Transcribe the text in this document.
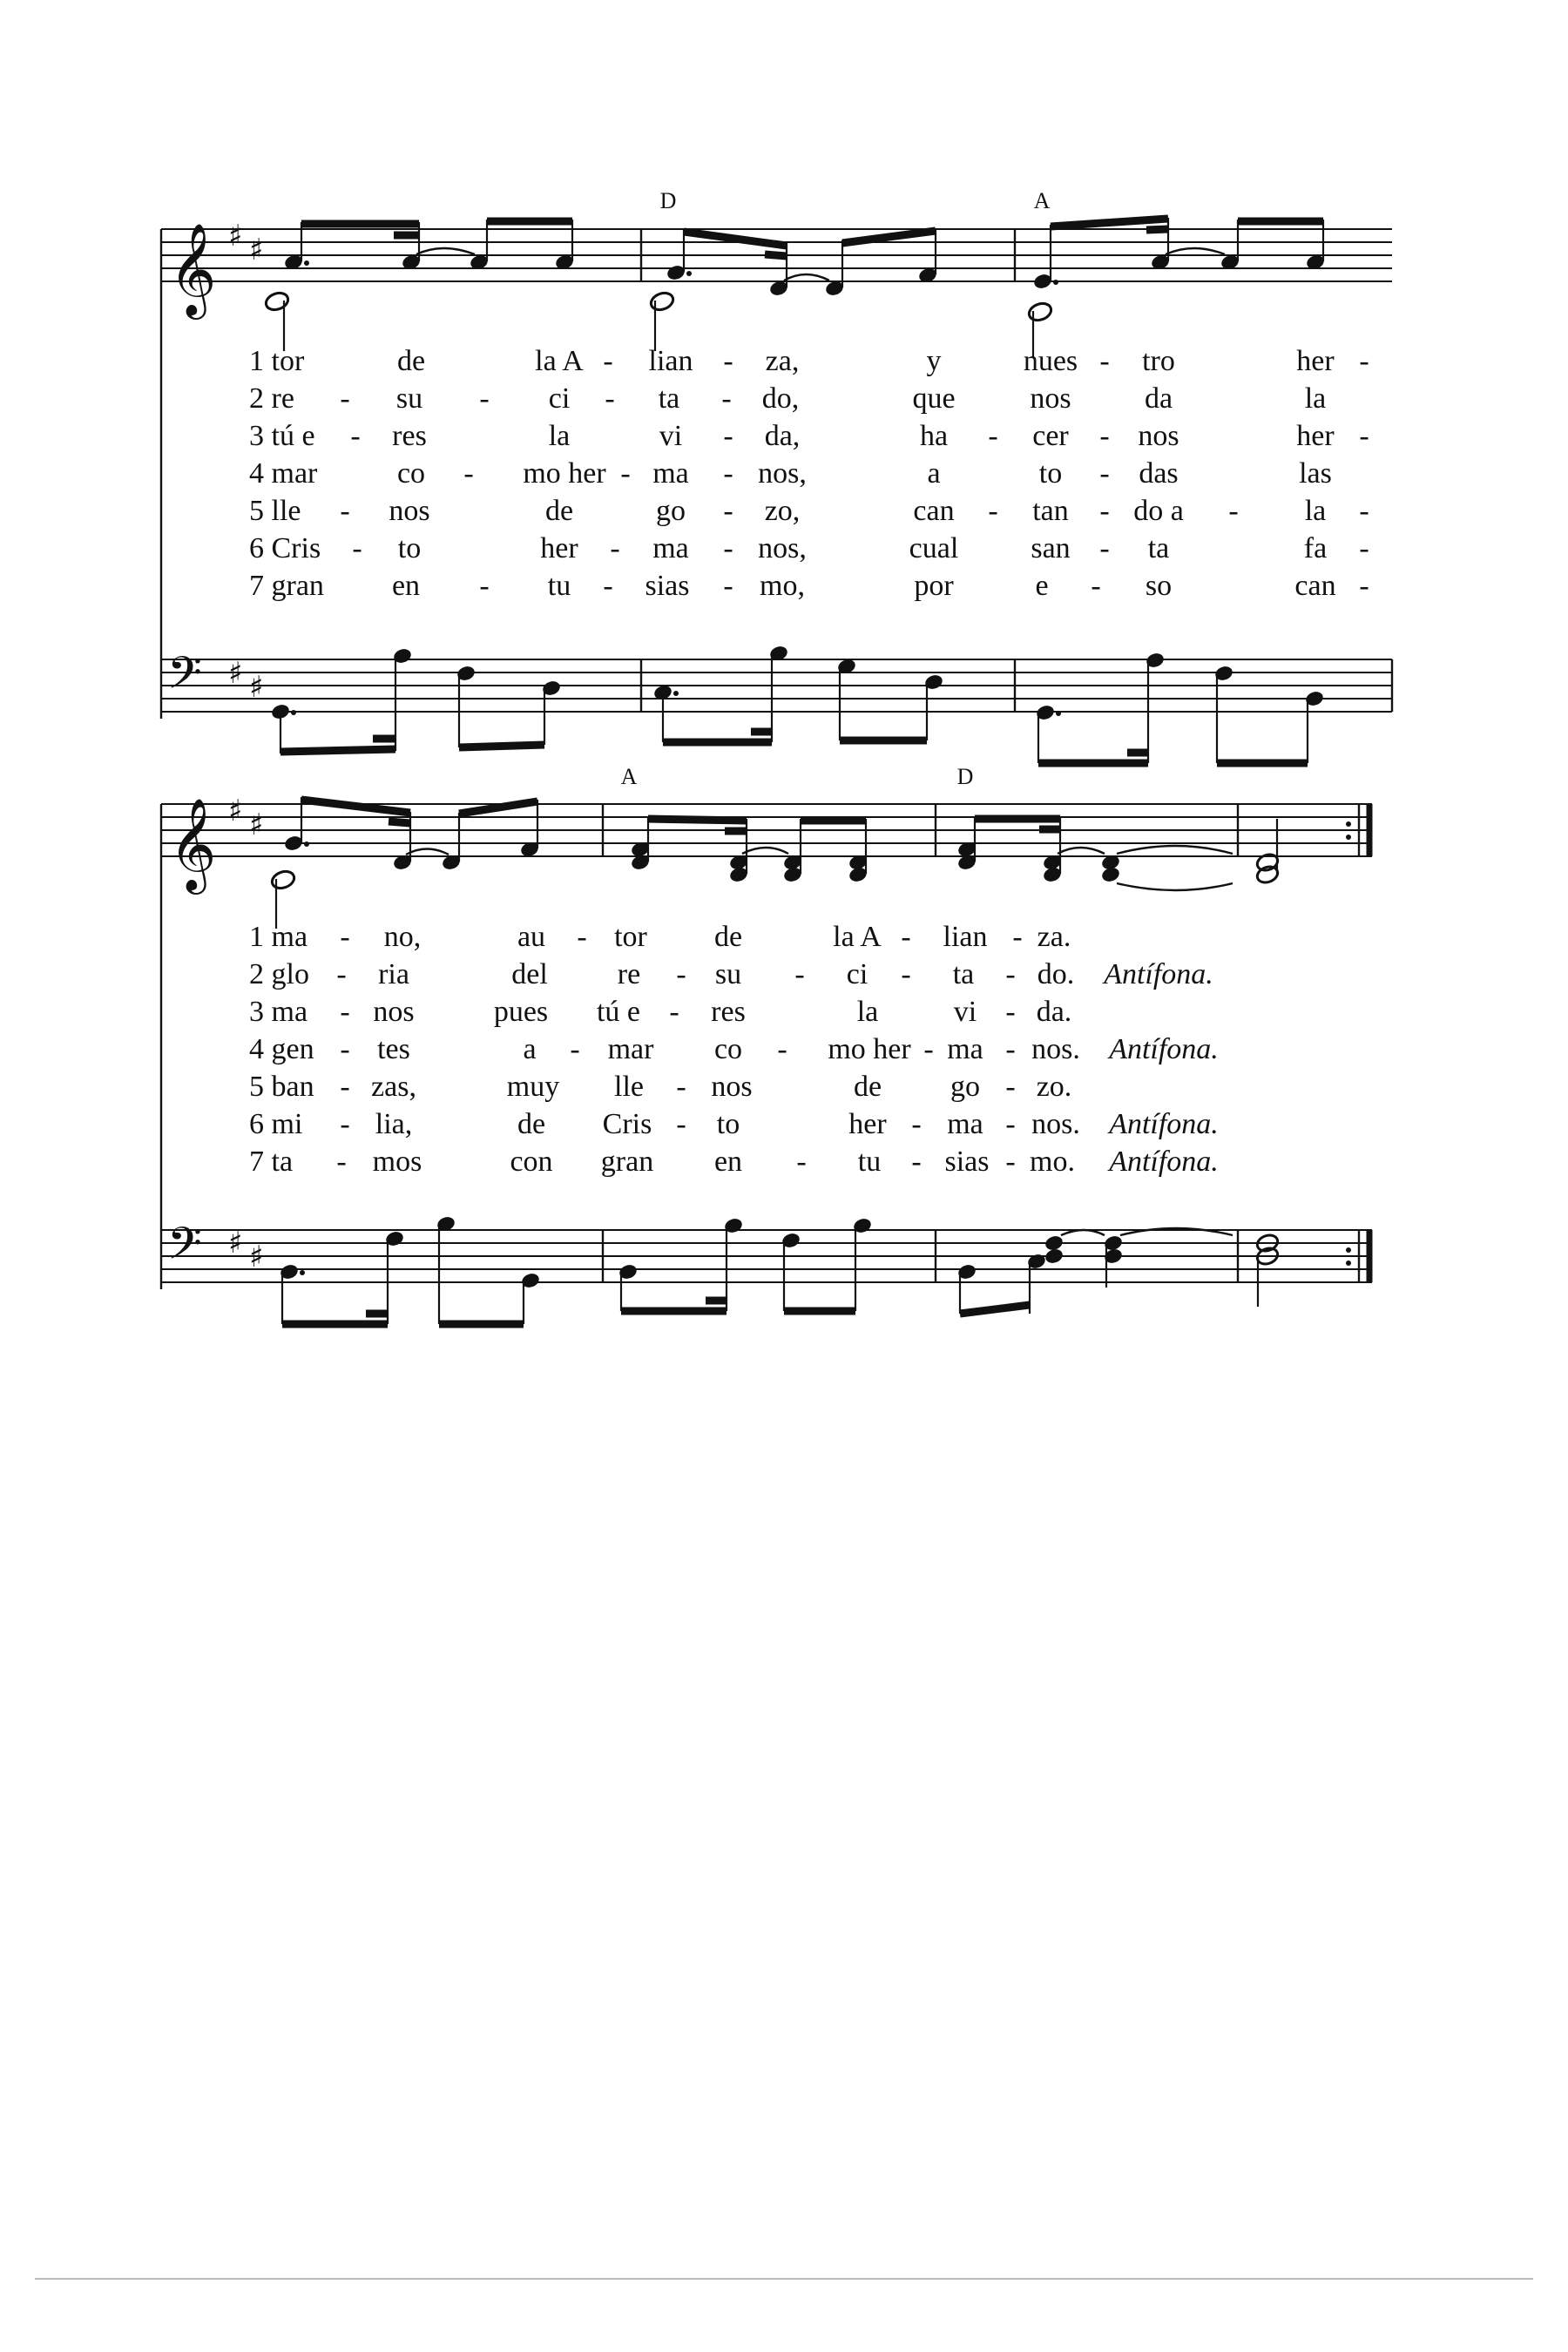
𝄞 ♯ ♯
𝄢 ♯ ♯
𝄞 ♯ ♯
𝄢 ♯ ♯
D	A
A	D
1 tor	de	la A - lian - za,	y	nues - tro	her -
2 re - su - ci - ta - do,	que	nos da	la
3 tú e - res	la	vi - da,	ha - cer - nos	her -
4 mar	co - mo her - ma - nos,	a	to - das	las
5 lle - nos	de	go - zo,	can - tan - do a - la -
6 Cris - to	her - ma - nos,	cual san - ta	fa -
7 gran en - tu - sias - mo,	por	e - so	can -
1 ma - no,	au - tor de	la A - lian - za.
2 glo - ria	del re - su - ci - ta - do. Antífona.
3 ma - nos	pues tú e - res	la	vi - da.
4 gen - tes	a - mar co - mo her - ma - nos. Antífona.
5 ban - zas,	muy lle - nos	de go - zo.
6 mi - lia,	de Cris - to	her - ma - nos. Antífona.
7 ta - mos	con gran en - tu - sias - mo. Antífona.
